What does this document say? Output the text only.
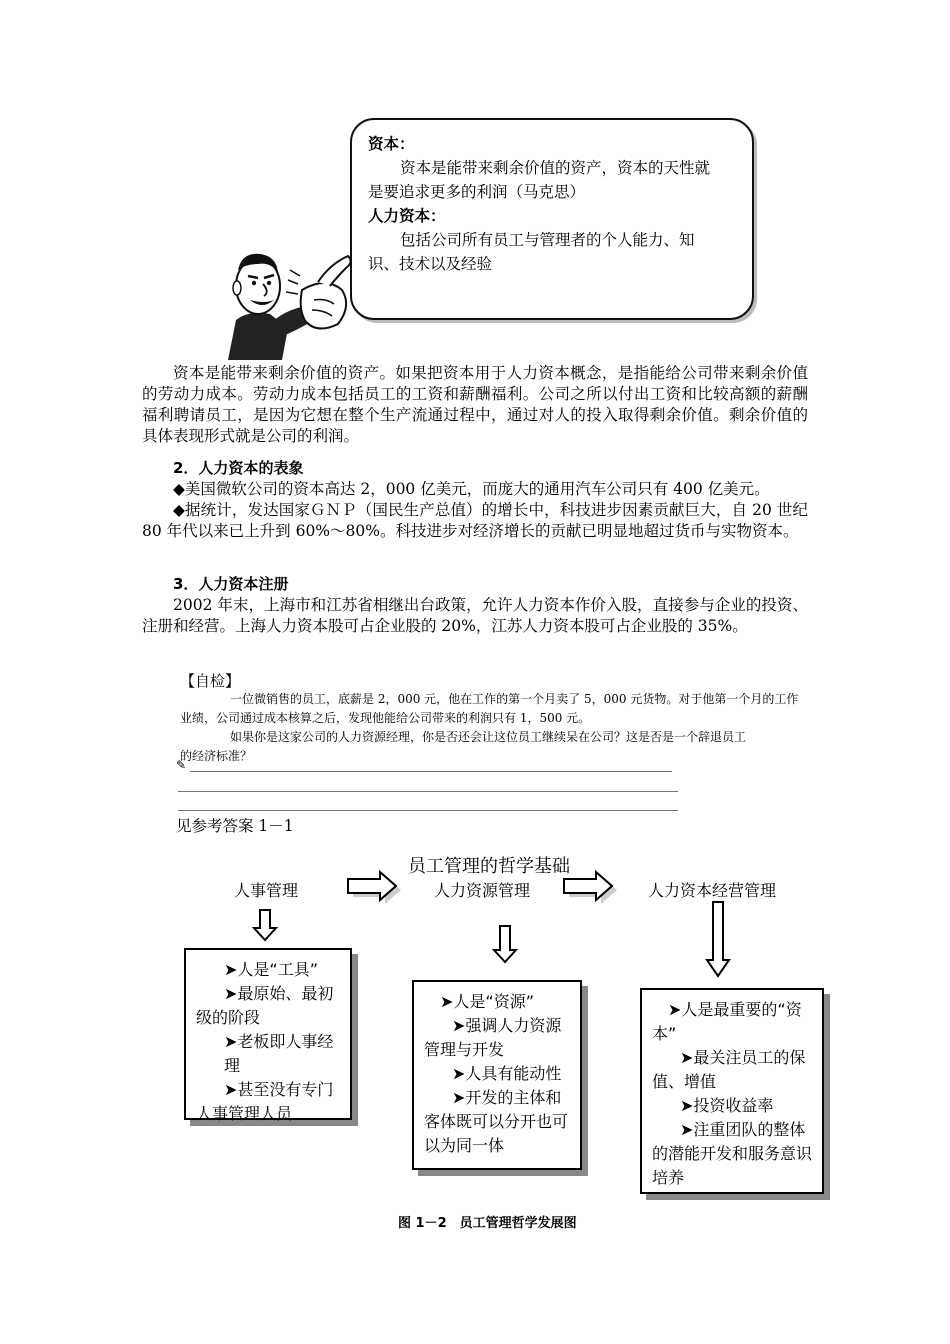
资本：
资本是能带来剩余价值的资产，资本的天性就
是要追求更多的利润（马克思）
人力资本：
包括公司所有员工与管理者的个人能力、知
识、技术以及经验
资本是能带来剩余价值的资产。如果把资本用于人力资本概念，是指能给公司带来剩余价值的劳动力成本。劳动力成本包括员工的工资和薪酬福利。公司之所以付出工资和比较高额的薪酬福利聘请员工，是因为它想在整个生产流通过程中，通过对人的投入取得剩余价值。剩余价值的具体表现形式就是公司的利润。
2．人力资本的表象
◆美国微软公司的资本高达 2，000 亿美元，而庞大的通用汽车公司只有 400 亿美元。
◆据统计，发达国家ＧＮＰ（国民生产总值）的增长中，科技进步因素贡献巨大，自 20 世纪 80 年代以来已上升到 60%～80%。科技进步对经济增长的贡献已明显地超过货币与实物资本。
3．人力资本注册
2002 年末，上海市和江苏省相继出台政策，允许人力资本作价入股，直接参与企业的投资、注册和经营。上海人力资本股可占企业股的 20%，江苏人力资本股可占企业股的 35%。
【自检】
一位微销售的员工，底薪是 2，000 元，他在工作的第一个月卖了 5，000 元货物。对于他第一个月的工作业绩，公司通过成本核算之后，发现他能给公司带来的利润只有 1，500 元。
如果你是这家公司的人力资源经理，你是否还会让这位员工继续呆在公司？这是否是一个辞退员工的经济标准？
✎
见参考答案 1－1
员工管理的哲学基础
人事管理	人力资源管理	人力资本经营管理

➤人是“工具”

➤最原始、最初级的阶段

➤老板即人事经理

➤甚至没有专门人事管理人员

➤人是“资源”

➤强调人力资源管理与开发

➤人具有能动性

➤开发的主体和客体既可以分开也可以为同一体

➤人是最重要的“资本”

➤最关注员工的保值、增值

➤投资收益率

➤注重团队的整体的潜能开发和服务意识培养

图 1－2　员工管理哲学发展图
